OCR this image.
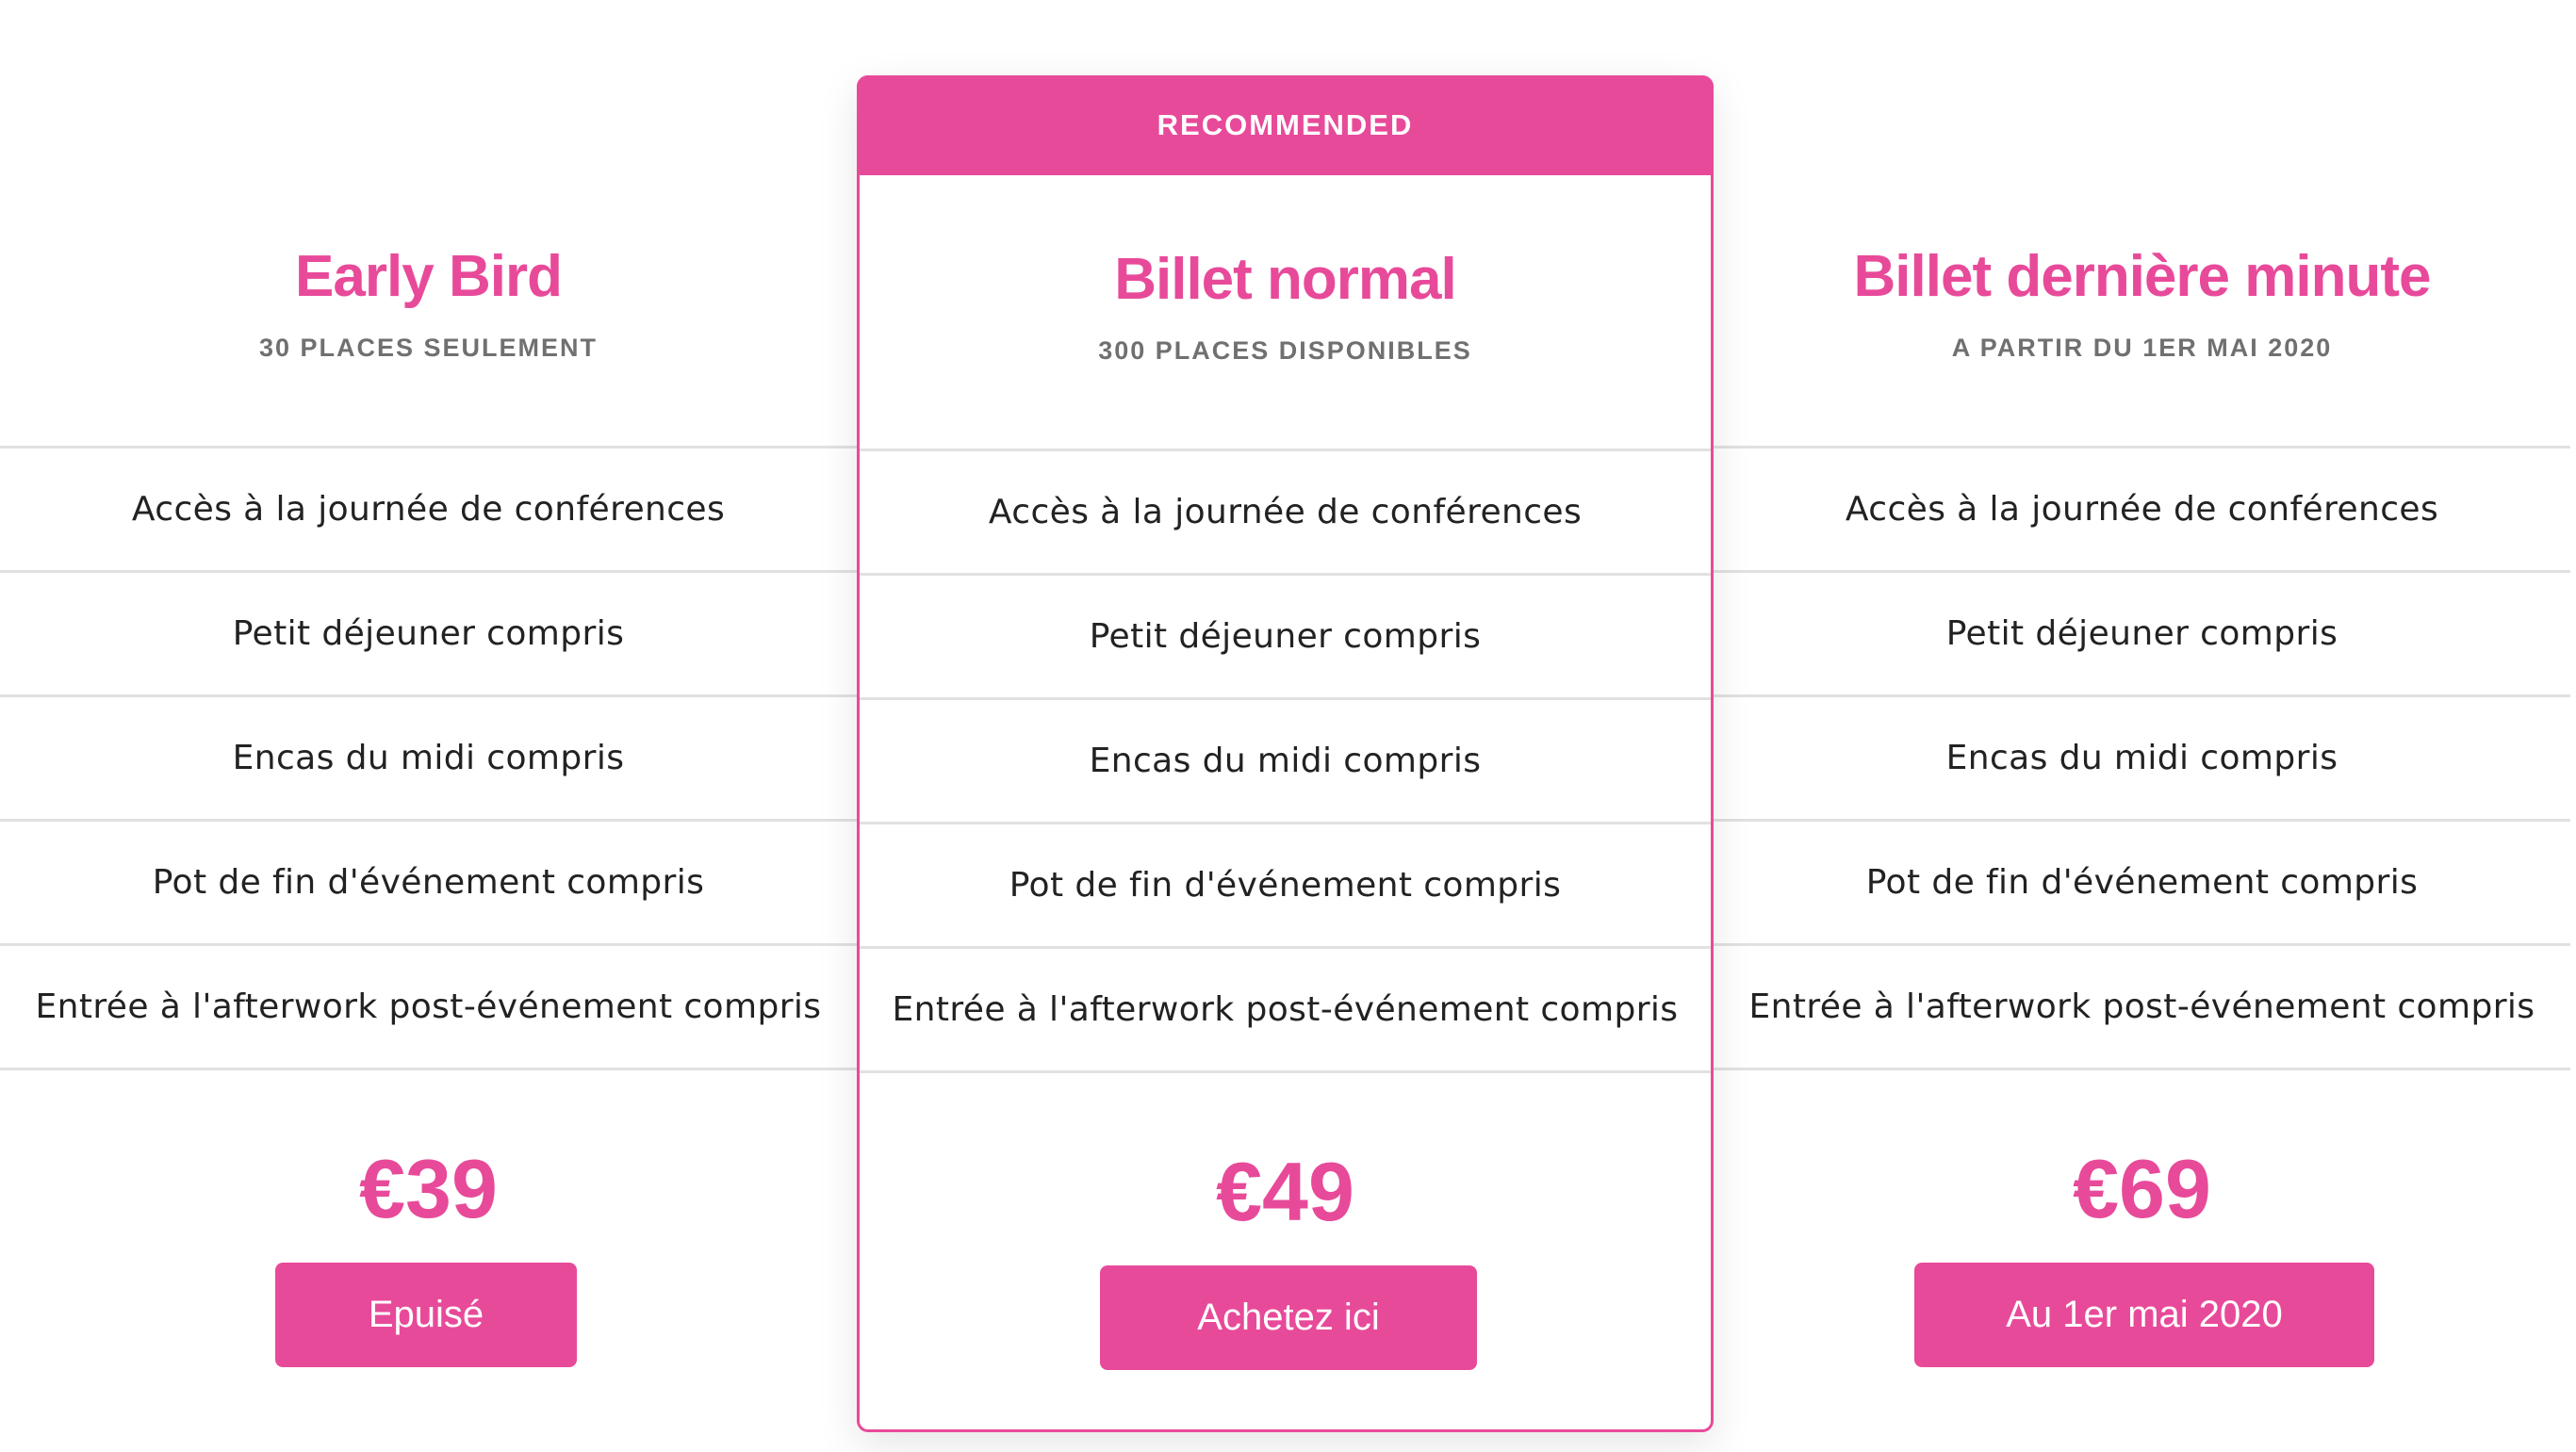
Early Bird
30 PLACES SEULEMENT
Accès à la journée de conférences
Petit déjeuner compris
Encas du midi compris
Pot de fin d'événement compris
Entrée à l'afterwork post-événement compris
€39
Epuisé
RECOMMENDED
Billet normal
300 PLACES DISPONIBLES
Accès à la journée de conférences
Petit déjeuner compris
Encas du midi compris
Pot de fin d'événement compris
Entrée à l'afterwork post-événement compris
€49
Achetez ici
Billet dernière minute
A PARTIR DU 1ER MAI 2020
Accès à la journée de conférences
Petit déjeuner compris
Encas du midi compris
Pot de fin d'événement compris
Entrée à l'afterwork post-événement compris
€69
Au 1er mai 2020
